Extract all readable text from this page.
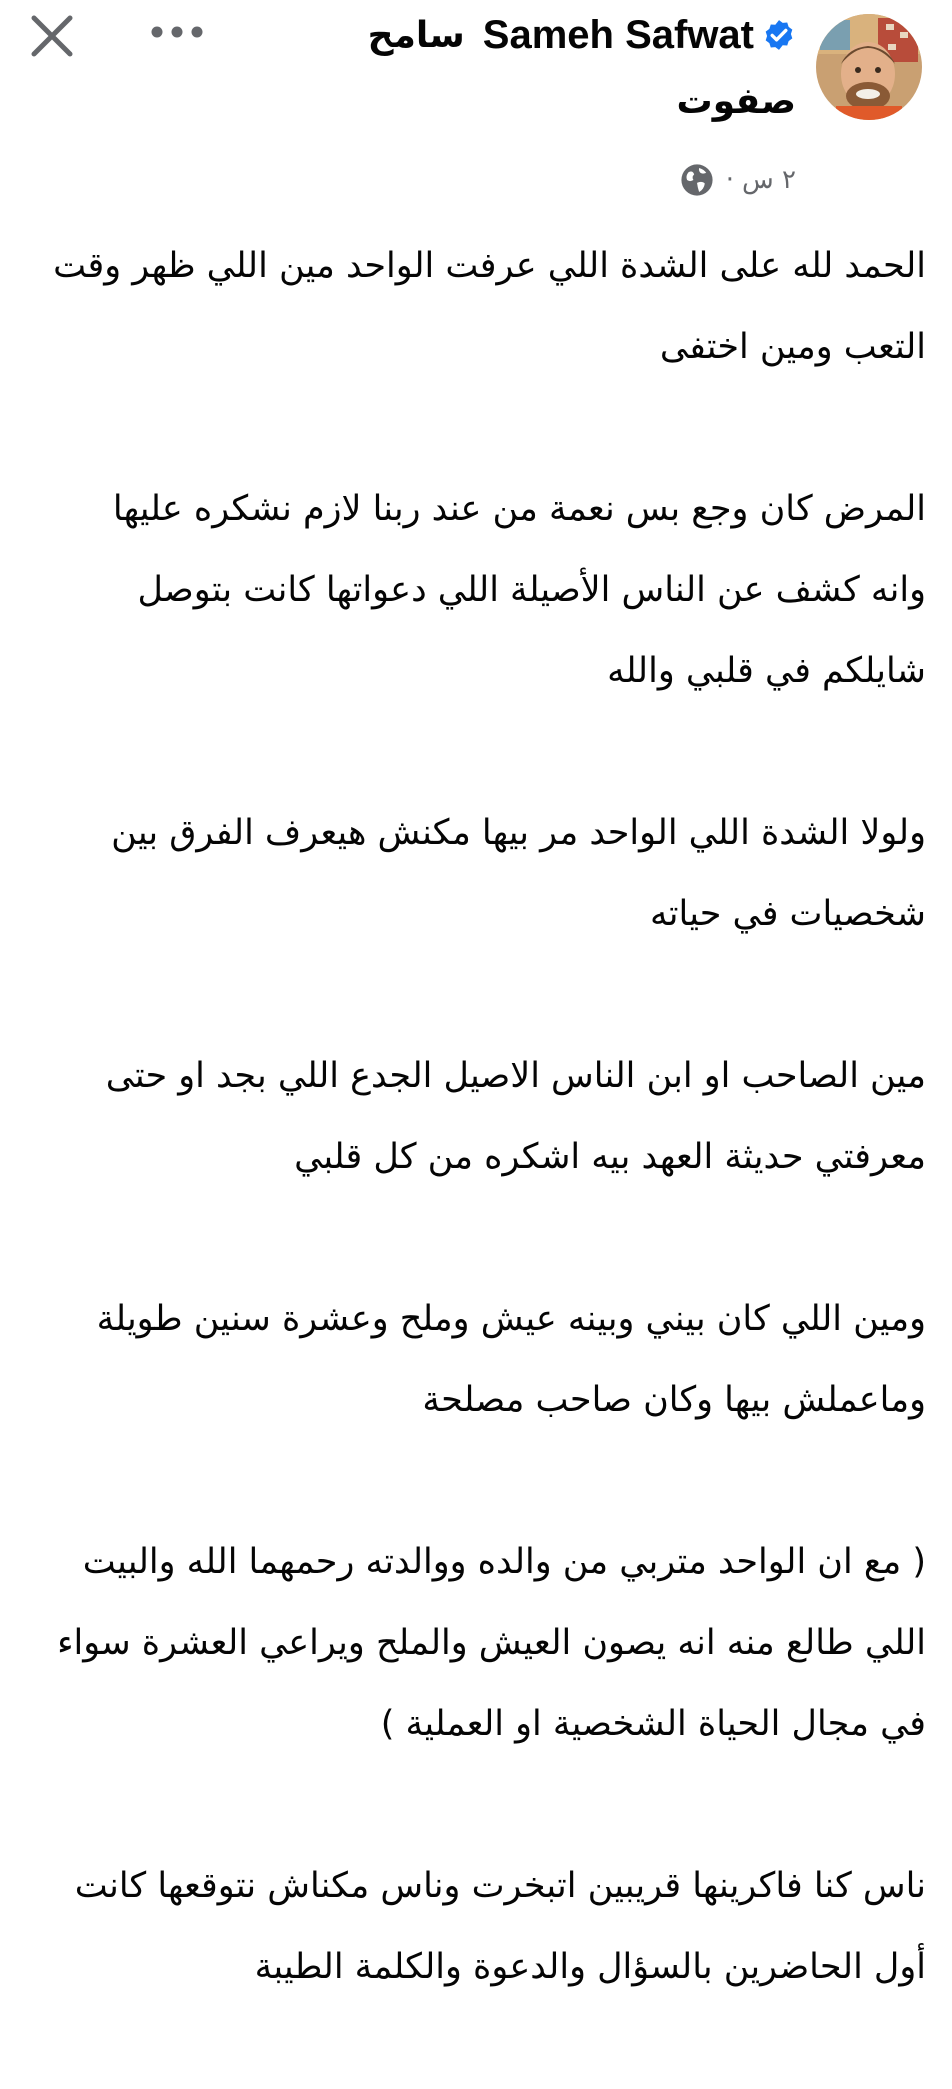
Sameh Safwat
سامح
صفوت
٢ س
·

الحمد لله على الشدة اللي عرفت الواحد مين اللي ظهر وقت
التعب ومين اختفى

المرض كان وجع بس نعمة من عند ربنا لازم نشكره عليها
وانه كشف عن الناس الأصيلة اللي دعواتها كانت بتوصل
شايلكم في قلبي والله

ولولا الشدة اللي الواحد مر بيها مكنش هيعرف الفرق بين
شخصيات في حياته

مين الصاحب او ابن الناس الاصيل الجدع اللي بجد او حتى
معرفتي حديثة العهد بيه اشكره من كل قلبي

ومين اللي كان بيني وبينه عيش وملح وعشرة سنين طويلة
وماعملش بيها وكان صاحب مصلحة

( مع ان الواحد متربي من والده ووالدته رحمهما الله والبيت
اللي طالع منه انه يصون العيش والملح ويراعي العشرة سواء
في مجال الحياة الشخصية او العملية )

ناس كنا فاكرينها قريبين اتبخرت وناس مكناش نتوقعها كانت
أول الحاضرين بالسؤال والدعوة والكلمة الطيبة
